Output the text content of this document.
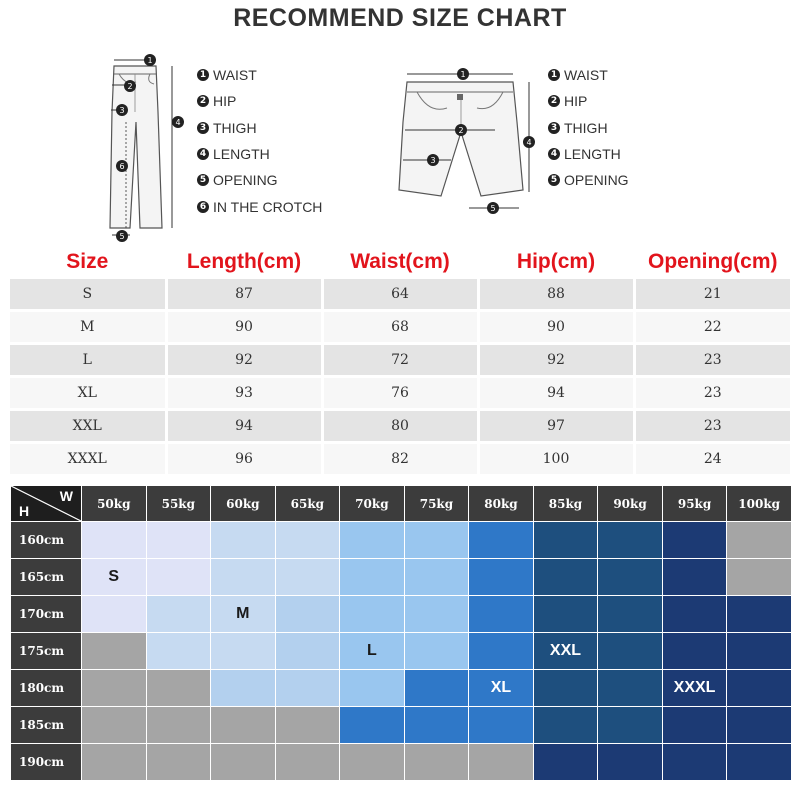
RECOMMEND SIZE CHART
1
2
3
4
6
5
1 WAIST
2 HIP
3 THIGH
4 LENGTH
5 OPENING
6 IN THE CROTCH
1
2
3
4
5
1 WAIST
2 HIP
3 THIGH
4 LENGTH
5 OPENING
Size	Length(cm)	Waist(cm)	Hip(cm)	Opening(cm)
S	87	64	88	21
M	90	68	90	22
L	92	72	92	23
XL	93	76	94	23
XXL	94	80	97	23
XXXL	96	82	100	24
W
H	50kg	55kg	60kg	65kg	70kg	75kg	80kg	85kg	90kg	95kg	100kg
160cm											
165cm	S										
170cm			M								
175cm					L			XXL			
180cm							XL			XXXL	
185cm											
190cm											
